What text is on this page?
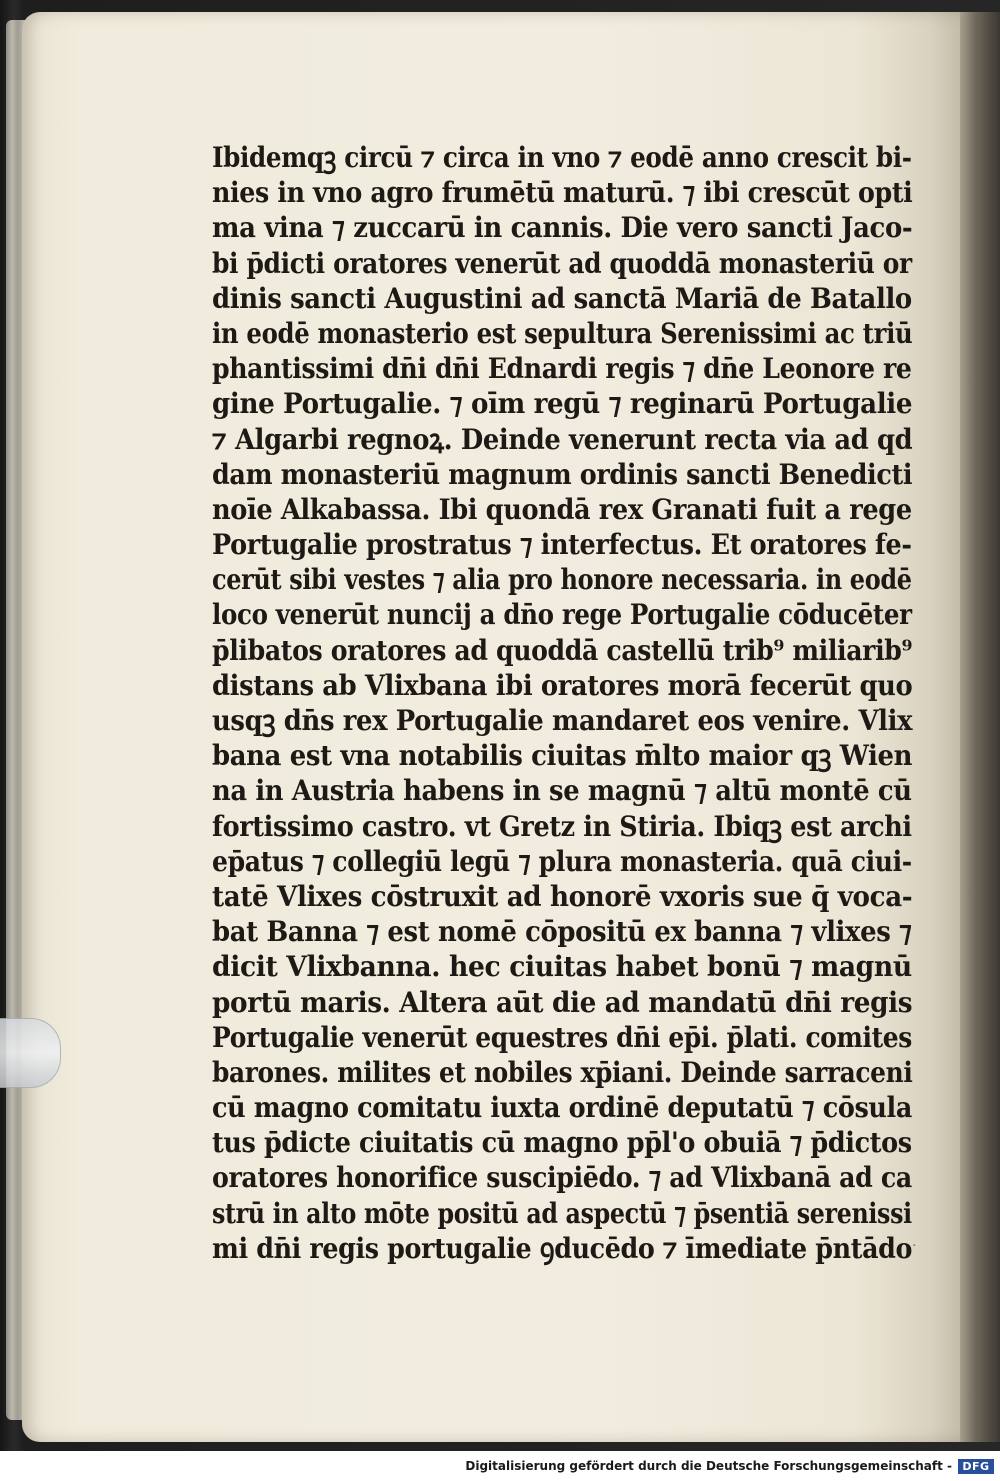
Ibidemqꝫ circū ⁊ circa in vno ⁊ eodē anno crescit bi-
nies in vno agro frumētū maturū. ⁊ ibi crescūt opti
ma vina ⁊ zuccarū in cannis. Die vero sancti Jaco-
bi p̄dicti oratores venerūt ad quoddā monasteriū or
dinis sancti Augustini ad sanctā Mariā de Batallo
in eodē monasterio est sepultura Serenissimi ac triū
phantissimi dn̄i dn̄i Ednardi regis ⁊ dn̄e Leonore re
gine Portugalie. ⁊ oīm regū ⁊ reginarū Portugalie
⁊ Algarbi regnoꝝ. Deinde venerunt recta via ad qd
dam monasteriū magnum ordinis sancti Benedicti
noīe Alkabassa. Ibi quondā rex Granati fuit a rege
Portugalie prostratus ⁊ interfectus. Et oratores fe-
cerūt sibi vestes ⁊ alia pro honore necessaria. in eodē
loco venerūt nuncij a dn̄o rege Portugalie cōducēter
p̄libatos oratores ad quoddā castellū trib⁹ miliarib⁹
distans ab Vlixbana ibi oratores morā fecerūt quo
usqꝫ dn̄s rex Portugalie mandaret eos venire. Vlix
bana est vna notabilis ciuitas m̄lto maior qꝫ Wien
na in Austria habens in se magnū ⁊ altū montē cū
fortissimo castro. vt Gretz in Stiria. Ibiqꝫ est archi
ep̄atus ⁊ collegiū legū ⁊ plura monasteria. quā ciui-
tatē Vlixes cōstruxit ad honorē vxoris sue q̄ voca-
bat Banna ⁊ est nomē cōpositū ex banna ⁊ vlixes ⁊
dicit Vlixbanna. hec ciuitas habet bonū ⁊ magnū
portū maris. Altera aūt die ad mandatū dn̄i regis
Portugalie venerūt equestres dn̄i ep̄i. p̄lati. comites
barones. milites et nobiles xp̄iani. Deinde sarraceni
cū magno comitatu iuxta ordinē deputatū ⁊ cōsula
tus p̄dicte ciuitatis cū magno pp̄l'o obuiā ⁊ p̄dictos
oratores honorifice suscipiēdo. ⁊ ad Vlixbanā ad ca
strū in alto mōte positū ad aspectū ⁊ p̄sentiā serenissi
mi dn̄i regis portugalie ꝯducēdo ⁊ īmediate p̄ntādo ·
Digitalisierung gefördert durch die Deutsche Forschungsgemeinschaft - DFG
